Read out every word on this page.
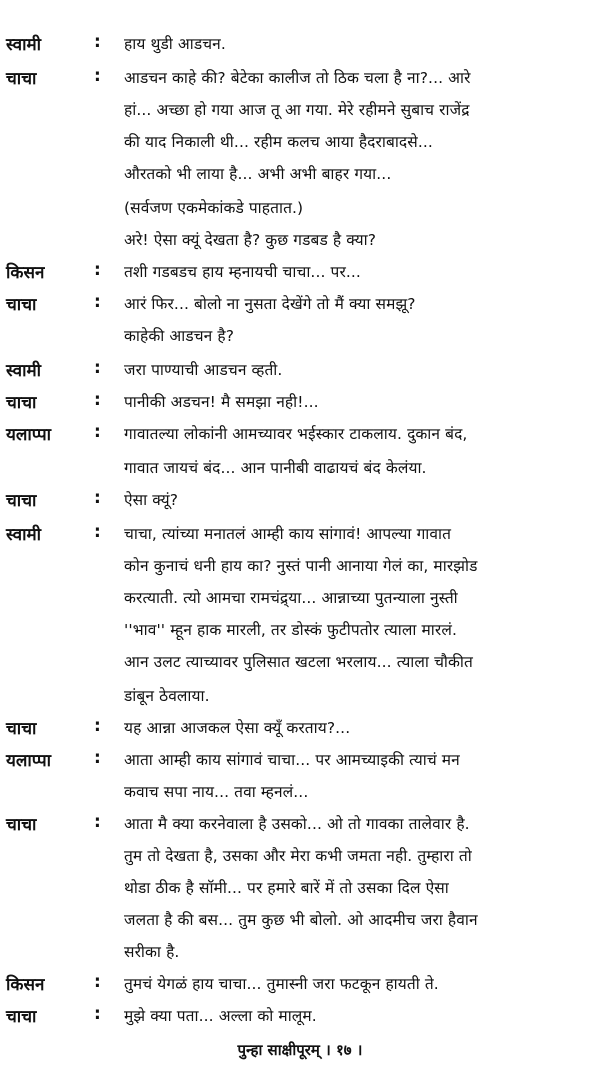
स्वामी	: हाय थुडी आडचन.
चाचा	: आडचन काहे की? बेटेका कालीज तो ठिक चला है ना?... आरे
हां... अच्छा हो गया आज तू आ गया. मेरे रहीमने सुबाच राजेंद्र
की याद निकाली थी... रहीम कलच आया हैदराबादसे...
औरतको भी लाया है... अभी अभी बाहर गया...
(सर्वजण एकमेकांकडे पाहतात.)
अरे! ऐसा क्यूं देखता है? कुछ गडबड है क्या?
किसन	: तशी गडबडच हाय म्हनायची चाचा... पर...
चाचा	: आरं फिर... बोलो ना नुसता देखेंगे तो मैं क्या समझू?
काहेकी आडचन है?
स्वामी	: जरा पाण्याची आडचन व्हती.
चाचा	: पानीकी अडचन! मै समझा नही!...
यलाप्पा	: गावातल्या लोकांनी आमच्यावर भईस्कार टाकलाय. दुकान बंद,
गावात जायचं बंद... आन पानीबी वाढायचं बंद केलंया.
चाचा	: ऐसा क्यूं?
स्वामी	: चाचा, त्यांच्या मनातलं आम्ही काय सांगावं! आपल्या गावात
कोन कुनाचं धनी हाय का? नुस्तं पानी आनाया गेलं का, मारझोड
करत्याती. त्यो आमचा रामचंद्र्या... आन्नाच्या पुतन्याला नुस्ती
''भाव'' म्हून हाक मारली, तर डोस्कं फुटीपतोर त्याला मारलं.
आन उलट त्याच्यावर पुलिसात खटला भरलाय... त्याला चौकीत
डांबून ठेवलाया.
चाचा	: यह आन्ना आजकल ऐसा क्यूँ करताय?...
यलाप्पा	: आता आम्ही काय सांगावं चाचा... पर आमच्याइकी त्याचं मन
कवाच सपा नाय... तवा म्हनलं...
चाचा	: आता मै क्या करनेवाला है उसको... ओ तो गावका तालेवार है.
तुम तो देखता है, उसका और मेरा कभी जमता नही. तुम्हारा तो
थोडा ठीक है सॉमी... पर हमारे बारें में तो उसका दिल ऐसा
जलता है की बस... तुम कुछ भी बोलो. ओ आदमीच जरा हैवान
सरीका है.
किसन	: तुमचं येगळं हाय चाचा... तुमास्नी जरा फटकून हायती ते.
चाचा	: मुझे क्या पता... अल्ला को मालूम.
पुन्हा साक्षीपूरम् । १७ ।
